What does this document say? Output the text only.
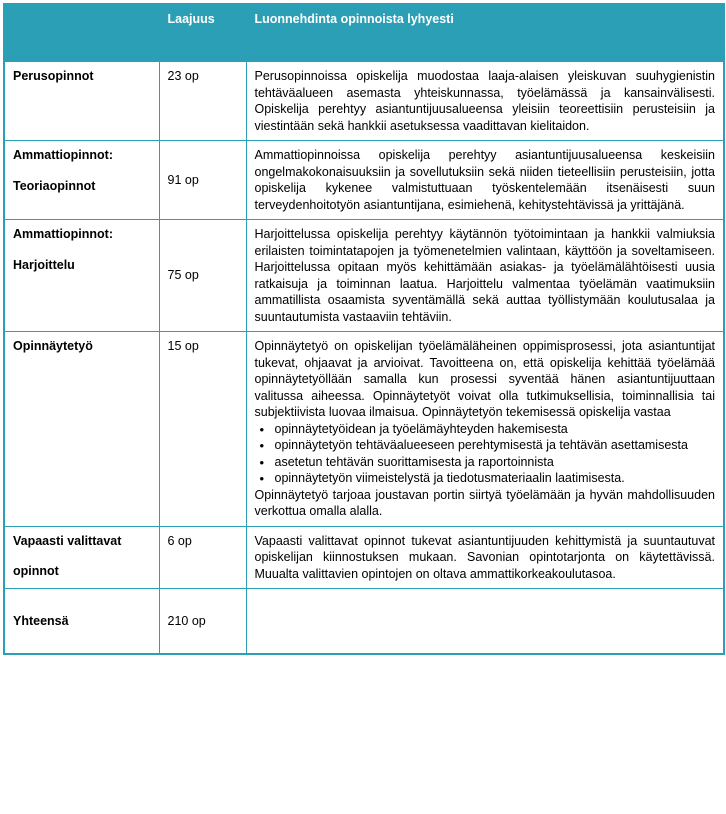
	Laajuus	Luonnehdinta opinnoista lyhyesti
Perusopinnot	23 op	Perusopinnoissa opiskelija muodostaa laaja-alaisen yleiskuvan suuhygienistin tehtäväalueen asemasta yhteiskunnassa, työelämässä ja kansainvälisesti. Opiskelija perehtyy asiantuntijuusalueensa yleisiin teoreettisiin perusteisiin ja viestintään sekä hankkii asetuksessa vaadittavan kielitaidon.

Ammattiopinnot:
Teoriaopinnot	91 op	Ammattiopinnoissa opiskelija perehtyy asiantuntijuusalueensa keskeisiin ongelmakokonaisuuksiin ja sovellutuksiin sekä niiden tieteellisiin perusteisiin, jotta opiskelija kykenee valmistuttuaan työskentelemään itsenäisesti suun terveydenhoitotyön asiantuntijana, esimiehenä, kehitystehtävissä ja yrittäjänä.

Ammattiopinnot:
Harjoittelu	75 op	Harjoittelussa opiskelija perehtyy käytännön työtoimintaan ja hankkii valmiuksia erilaisten toimintatapojen ja työmenetelmien valintaan, käyttöön ja soveltamiseen. Harjoittelussa opitaan myös kehittämään asiakas- ja työelämälähtöisesti uusia ratkaisuja ja toiminnan laatua. Harjoittelu valmentaa työelämän vaatimuksiin ammatillista osaamista syventämällä sekä auttaa työllistymään koulutusalaa ja suuntautumista vastaaviin tehtäviin.

Opinnäytetyö	15 op	Opinnäytetyö on opiskelijan työelämäläheinen oppimisprosessi, jota asiantuntijat tukevat, ohjaavat ja arvioivat. Tavoitteena on, että opiskelija kehittää työelämää opinnäytetyöllään samalla kun prosessi syventää hänen asiantuntijuuttaan valitussa aiheessa. Opinnäytetyöt voivat olla tutkimuksellisia, toiminnallisia tai subjektiivista luovaa ilmaisua. Opinnäytetyön tekemisessä opiskelija vastaa

• opinnäytetyöidean ja työelämäyhteyden hakemisesta
• opinnäytetyön tehtäväalueeseen perehtymisestä ja tehtävän asettamisesta
• asetetun tehtävän suorittamisesta ja raportoinnista
• opinnäytetyön viimeistelystä ja tiedotusmateriaalin laatimisesta.

Opinnäytetyö tarjoaa joustavan portin siirtyä työelämään ja hyvän mahdollisuuden verkottua omalla alalla.

Vapaasti valittavat
opinnot	6 op	Vapaasti valittavat opinnot tukevat asiantuntijuuden kehittymistä ja suuntautuvat opiskelijan kiinnostuksen mukaan. Savonian opintotarjonta on käytettävissä. Muualta valittavien opintojen on oltava ammattikorkeakoulutasoa.

Yhteensä	210 op	
